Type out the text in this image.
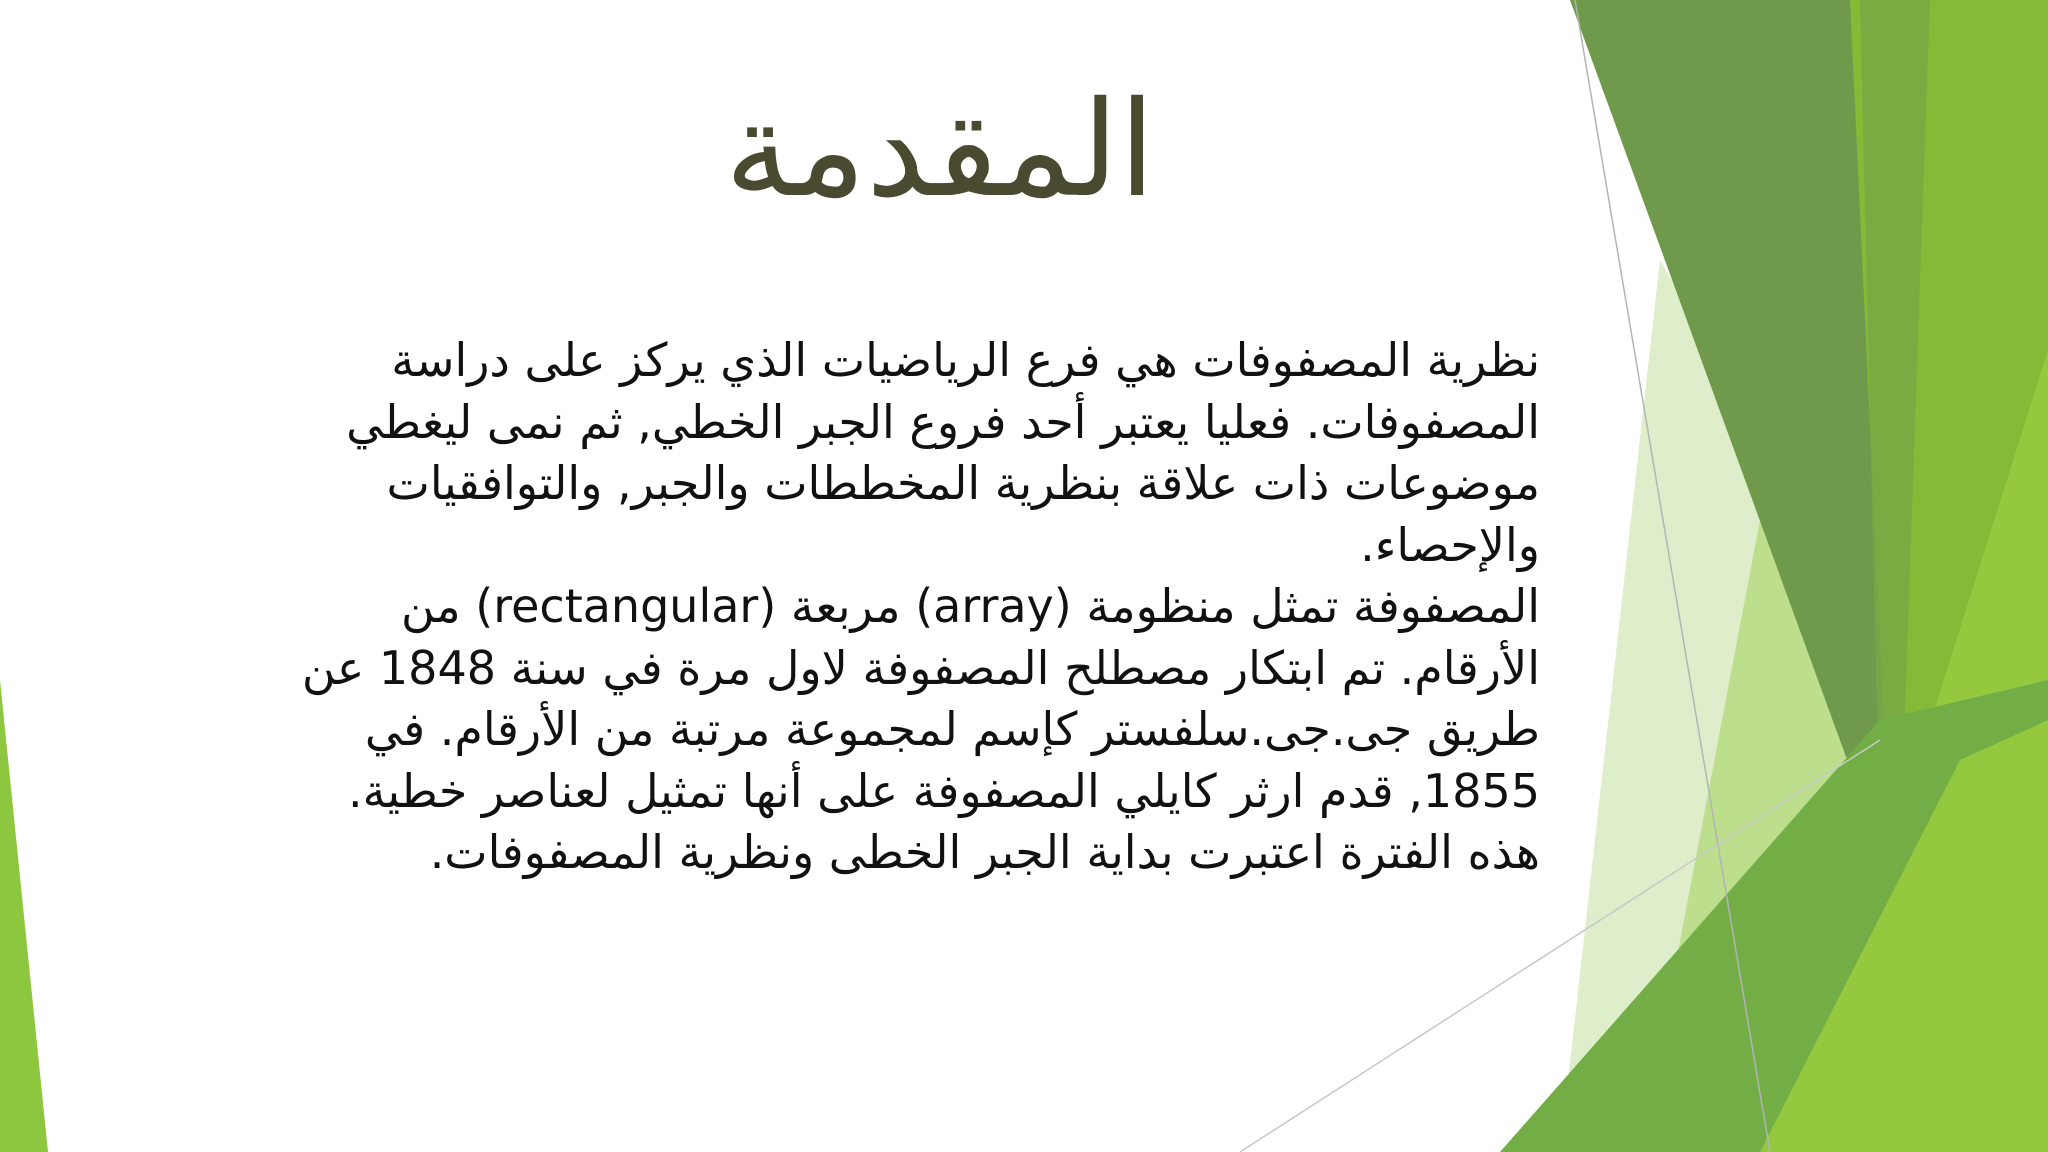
المقدمة

نظرية المصفوفات هي فرع الرياضيات الذي يركز على دراسة المصفوفات. فعليا يعتبر أحد فروع الجبر الخطي, ثم نمى ليغطي موضوعات ذات علاقة بنظرية المخططات والجبر, والتوافقيات والإحصاء.

المصفوفة تمثل منظومة (array) مربعة (rectangular) من الأرقام. تم ابتكار مصطلح المصفوفة لاول مرة في سنة 1848 عن طريق جى.جى.سلفستر كإسم لمجموعة مرتبة من الأرقام. في 1855, قدم ارثر كايلي المصفوفة على أنها تمثيل لعناصر خطية. هذه الفترة اعتبرت بداية الجبر الخطى ونظرية المصفوفات.
